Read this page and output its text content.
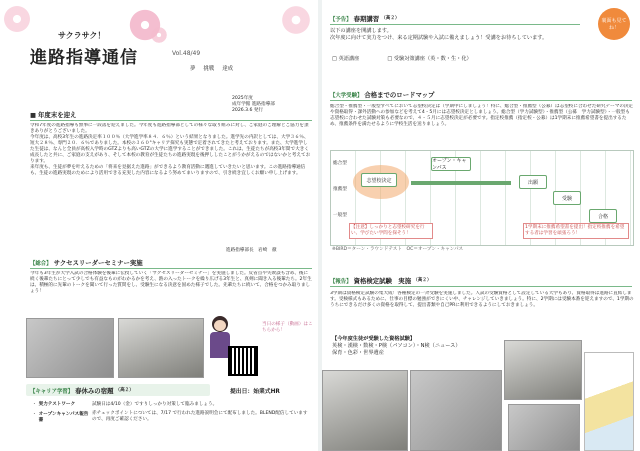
サクラサク！
進路指導通信	Vol.48/49
夢 挑戦 達成
2025年度
成年学館 進路指導部
2026.3.6 発行
■ 年度末を迎え

令和7年度の進路指導も無事に一段落を迎えました。今年度も進路指導部としての様々な取り組みに対し、ご家庭のご理解とご協力を頂きありがとうございました。

今年度は、高校3年生の進路決定率１００％（大学進学率８４．６％）という結果となりました。進学先の内訳としては、大学３６％、短大２８％、専門２０．６％でありました。本校の３６０°キャリア探究も実態で定着されてきたと考えております。また、大学進学した生徒は、なんと全員が高校入学時のGTZよりも高いGTZの大学に進学することができました。これは、生徒たちが高校3年間で大きく成長したと共に、ご家庭の支えがあり、そして本校の教育が生徒たちの進路実現を後押ししたことがうかがえるのではないかと考えております。

来年度も、生徒が夢を叶えるための「将来を見据えた進路」ができるよう教育活動に邁進していきたいと思います。この進路指導通信も、生徒の進路実現のためにより活用できる充実した内容になるよう努めてまいりますので、引き続き宜しくお願い申し上げます。

進路指導部長　岩崎　徹
【総合】 サクセスリーダーセミナー実施
今年も3年生が大学入試の合格体験を後輩に伝授していく「サクセスリーダーセミナー」を実施しました。反省点や失敗談も含め、後に続く後輩たちにとって少しでも有益なものがわかるかを考え、熱の入ったトークを繰り広げる3年生と、真剣に聞き入る後輩たち。2年生は、積極的に先輩のトークを聞いて行った質問をし、受験生になる決意を固めた様子でした。先輩たちに続いて、合格をつかみ取りましょう！
当日の様子（動画）はこちらから！
【キャリア学習】 春休みの宿題 （高２）	提出日：始業式HR
・ 実力テストワーク
・ オープンキャンパス報告書
試験日は4/10（金）ですりしっかり対策して臨みましょう。
赤チェックポイントについては、7/17 で行われた進路説明会にて配布しました。BLEND配信していますので、再度ご確認ください。
【予告】 春期講習 （高２）
以下の講座を開講します。
次年度に向けて実力をつけ、来る定期試験や入試に備えましょう！受講をお待ちしています。
裏面も見てね！
□ 英語講座	□ 受験対策講座（英・数・生・化）
【大学受験】 合格までのロードマップ
総合型・推薦型・一般型すべてにおいて志望校決定は（学期中にしましょう！特に、総合型・推薦型（公募）は志望校に合わせた研究テーマの決定や資格取得・課外活動への参加などを考えて4・5月には志望校決定としましょう。総合型（学力試験型）・推薦型（公募　学力試験型）・一般型も志望校に合わせた試験対策も必要なので、４・５月に志望校決定が必要です。指定校推薦（指定校・公募）は1学期末に推薦希望書を提出するため、推薦条件を満たせるように学校生活を送りましょう。
総合型
推薦型
一般型
志望校決定
オープン・キャンパス
出願
受験
合格
【注意】しっかりと志望校研究を行い、学びたい学問を探そう！
1学期末に推薦希望書を提出！指定校推薦を希望する者は学習を頑張ろう！
※BIRD＝ターン・ラウンドテスト　OC＝オープン・キャンパス
【報告】 資格検定試験　実施 （高２）
3学期は資格検定試験の集大成！各種検定の一斉受験を実施しました。人試の受験資格として設定している大学もあり、資格取得は進路に直結します。受検様式もあるために、仕事の目標の勉強ができにくい中、チャレンジしていきましょう。特に、2学期には受験本番を迎えますので、1学期のうちにできるだけ多くの資格を取得して、提出書類や自己PRに利用できるようにしておきましょう。
【今年度生徒が受験した資格試験】
英検・漢検・数検・P検（パソコン）・N検（ニュース）
保育・色彩・世界遺産
